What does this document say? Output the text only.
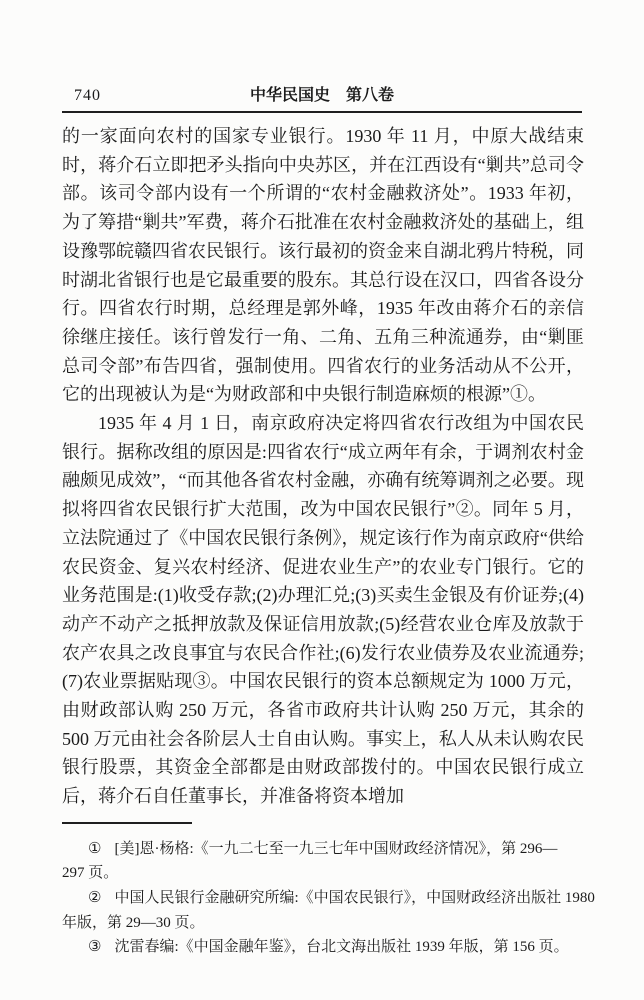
740	中华民国史　第八卷

的一家面向农村的国家专业银行。1930 年 11 月，中原大战结束时，蒋介石立即把矛头指向中央苏区，并在江西设有“剿共”总司令部。该司令部内设有一个所谓的“农村金融救济处”。1933 年初，为了筹措“剿共”军费，蒋介石批准在农村金融救济处的基础上，组设豫鄂皖赣四省农民银行。该行最初的资金来自湖北鸦片特税，同时湖北省银行也是它最重要的股东。其总行设在汉口，四省各设分行。四省农行时期，总经理是郭外峰，1935 年改由蒋介石的亲信徐继庄接任。该行曾发行一角、二角、五角三种流通券，由“剿匪总司令部”布告四省，强制使用。四省农行的业务活动从不公开，它的出现被认为是“为财政部和中央银行制造麻烦的根源”①。

1935 年 4 月 1 日，南京政府决定将四省农行改组为中国农民银行。据称改组的原因是:四省农行“成立两年有余，于调剂农村金融颇见成效”，“而其他各省农村金融，亦确有统筹调剂之必要。现拟将四省农民银行扩大范围，改为中国农民银行”②。同年 5 月，立法院通过了《中国农民银行条例》，规定该行作为南京政府“供给农民资金、复兴农村经济、促进农业生产”的农业专门银行。它的业务范围是:(1)收受存款;(2)办理汇兑;(3)买卖生金银及有价证券;(4)动产不动产之抵押放款及保证信用放款;(5)经营农业仓库及放款于农产农具之改良事宜与农民合作社;(6)发行农业债券及农业流通券;(7)农业票据贴现③。中国农民银行的资本总额规定为 1000 万元，由财政部认购 250 万元，各省市政府共计认购 250 万元，其余的 500 万元由社会各阶层人士自由认购。事实上，私人从未认购农民银行股票，其资金全部都是由财政部拨付的。中国农民银行成立后，蒋介石自任董事长，并准备将资本增加

① [美]恩·杨格:《一九二七至一九三七年中国财政经济情况》，第 296—
297 页。
② 中国人民银行金融研究所编:《中国农民银行》，中国财政经济出版社 1980
年版，第 29—30 页。
③ 沈雷春编:《中国金融年鉴》，台北文海出版社 1939 年版，第 156 页。
